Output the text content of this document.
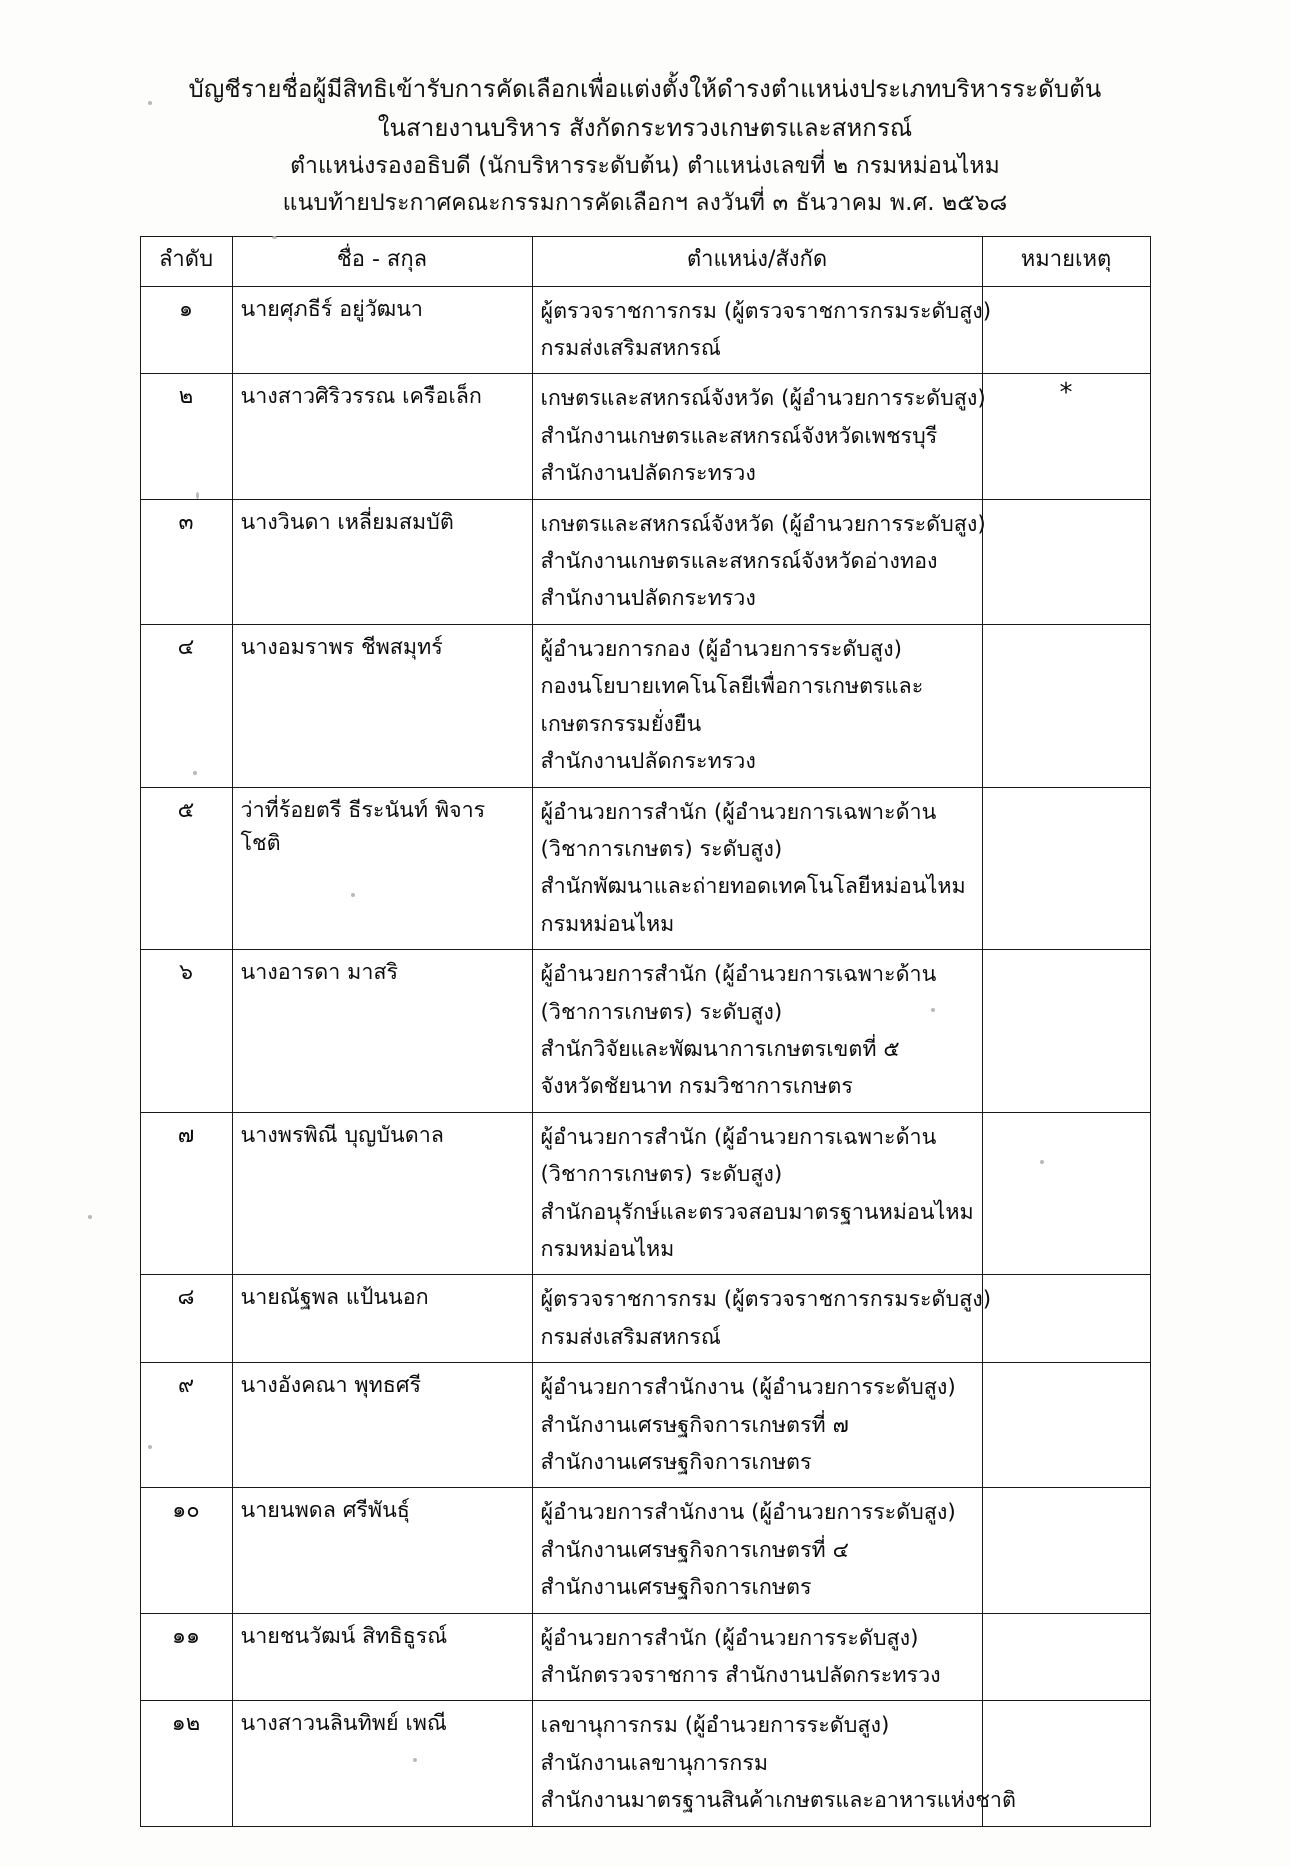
บัญชีรายชื่อผู้มีสิทธิเข้ารับการคัดเลือกเพื่อแต่งตั้งให้ดำรงตำแหน่งประเภทบริหารระดับต้น
ในสายงานบริหาร สังกัดกระทรวงเกษตรและสหกรณ์
ตำแหน่งรองอธิบดี (นักบริหารระดับต้น) ตำแหน่งเลขที่ ๒ กรมหม่อนไหม
แนบท้ายประกาศคณะกรรมการคัดเลือกฯ ลงวันที่ ๓ ธันวาคม พ.ศ. ๒๕๖๘
ลำดับ	ชื่อ - สกุล	ตำแหน่ง/สังกัด	หมายเหตุ
๑	นายศุภธีร์ อยู่วัฒนา	ผู้ตรวจราชการกรม (ผู้ตรวจราชการกรมระดับสูง)
กรมส่งเสริมสหกรณ์	

๒	นางสาวศิริวรรณ เครือเล็ก	เกษตรและสหกรณ์จังหวัด (ผู้อำนวยการระดับสูง)
สำนักงานเกษตรและสหกรณ์จังหวัดเพชรบุรี
สำนักงานปลัดกระทรวง	*
๓	นางวินดา เหลี่ยมสมบัติ	เกษตรและสหกรณ์จังหวัด (ผู้อำนวยการระดับสูง)
สำนักงานเกษตรและสหกรณ์จังหวัดอ่างทอง
สำนักงานปลัดกระทรวง	

๔	นางอมราพร ชีพสมุทร์	ผู้อำนวยการกอง (ผู้อำนวยการระดับสูง)
กองนโยบายเทคโนโลยีเพื่อการเกษตรและ
เกษตรกรรมยั่งยืน
สำนักงานปลัดกระทรวง	

๕	ว่าที่ร้อยตรี ธีระนันท์ พิจารโชติ	ผู้อำนวยการสำนัก (ผู้อำนวยการเฉพาะด้าน
(วิชาการเกษตร) ระดับสูง)
สำนักพัฒนาและถ่ายทอดเทคโนโลยีหม่อนไหม
กรมหม่อนไหม	

๖	นางอารดา มาสริ	ผู้อำนวยการสำนัก (ผู้อำนวยการเฉพาะด้าน
(วิชาการเกษตร) ระดับสูง)
สำนักวิจัยและพัฒนาการเกษตรเขตที่ ๕
จังหวัดชัยนาท กรมวิชาการเกษตร	

๗	นางพรพิณี บุญบันดาล	ผู้อำนวยการสำนัก (ผู้อำนวยการเฉพาะด้าน
(วิชาการเกษตร) ระดับสูง)
สำนักอนุรักษ์และตรวจสอบมาตรฐานหม่อนไหม
กรมหม่อนไหม	

๘	นายณัฐพล แป้นนอก	ผู้ตรวจราชการกรม (ผู้ตรวจราชการกรมระดับสูง)
กรมส่งเสริมสหกรณ์	

๙	นางอังคณา พุทธศรี	ผู้อำนวยการสำนักงาน (ผู้อำนวยการระดับสูง)
สำนักงานเศรษฐกิจการเกษตรที่ ๗
สำนักงานเศรษฐกิจการเกษตร	

๑๐	นายนพดล ศรีพันธุ์	ผู้อำนวยการสำนักงาน (ผู้อำนวยการระดับสูง)
สำนักงานเศรษฐกิจการเกษตรที่ ๔
สำนักงานเศรษฐกิจการเกษตร	

๑๑	นายชนวัฒน์ สิทธิธูรณ์	ผู้อำนวยการสำนัก (ผู้อำนวยการระดับสูง)
สำนักตรวจราชการ สำนักงานปลัดกระทรวง	

๑๒	นางสาวนลินทิพย์ เพณี	เลขานุการกรม (ผู้อำนวยการระดับสูง)
สำนักงานเลขานุการกรม
สำนักงานมาตรฐานสินค้าเกษตรและอาหารแห่งชาติ	
